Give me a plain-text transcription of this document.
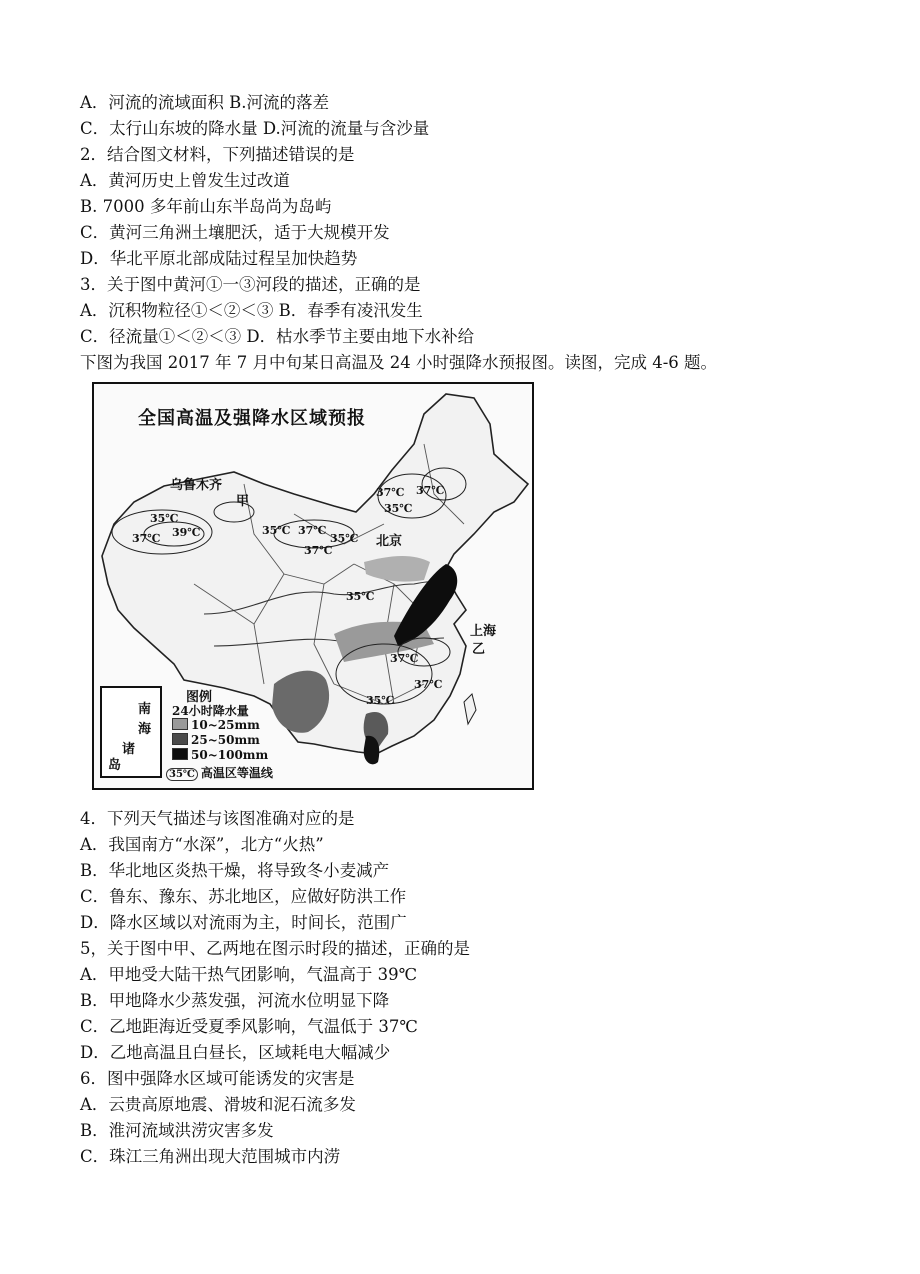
A．河流的流域面积 B.河流的落差
C．太行山东坡的降水量 D.河流的流量与含沙量
2．结合图文材料，下列描述错误的是
A．黄河历史上曾发生过改道
B. 7000 多年前山东半岛尚为岛屿
C．黄河三角洲土壤肥沃，适于大规模开发
D．华北平原北部成陆过程呈加快趋势
3．关于图中黄河①一③河段的描述，正确的是
A．沉积物粒径①＜②＜③ B．春季有凌汛发生
C．径流量①＜②＜③ D．枯水季节主要由地下水补给
下图为我国 2017 年 7 月中旬某日高温及 24 小时强降水预报图。读图，完成 4-6 题。
全国高温及强降水区域预报
乌鲁木齐
甲
北京
上海
乙
35℃
37℃ 39℃	37℃
35℃
37℃
35℃
37℃ 37℃
35℃
37℃
35℃
37℃
35℃
南
海
诸
岛
图例
24小时降水量
10~25mm
25~50mm
50~100mm
35℃ 高温区等温线
4．下列天气描述与该图准确对应的是
A．我国南方“水深”，北方“火热”
B．华北地区炎热干燥，将导致冬小麦减产
C．鲁东、豫东、苏北地区，应做好防洪工作
D．降水区域以对流雨为主，时间长，范围广
5，关于图中甲、乙两地在图示时段的描述，正确的是
A．甲地受大陆干热气团影响，气温高于 39℃
B．甲地降水少蒸发强，河流水位明显下降
C．乙地距海近受夏季风影响，气温低于 37℃
D．乙地高温且白昼长，区域耗电大幅减少
6．图中强降水区域可能诱发的灾害是
A．云贵高原地震、滑坡和泥石流多发
B．淮河流域洪涝灾害多发
C．珠江三角洲出现大范围城市内涝
